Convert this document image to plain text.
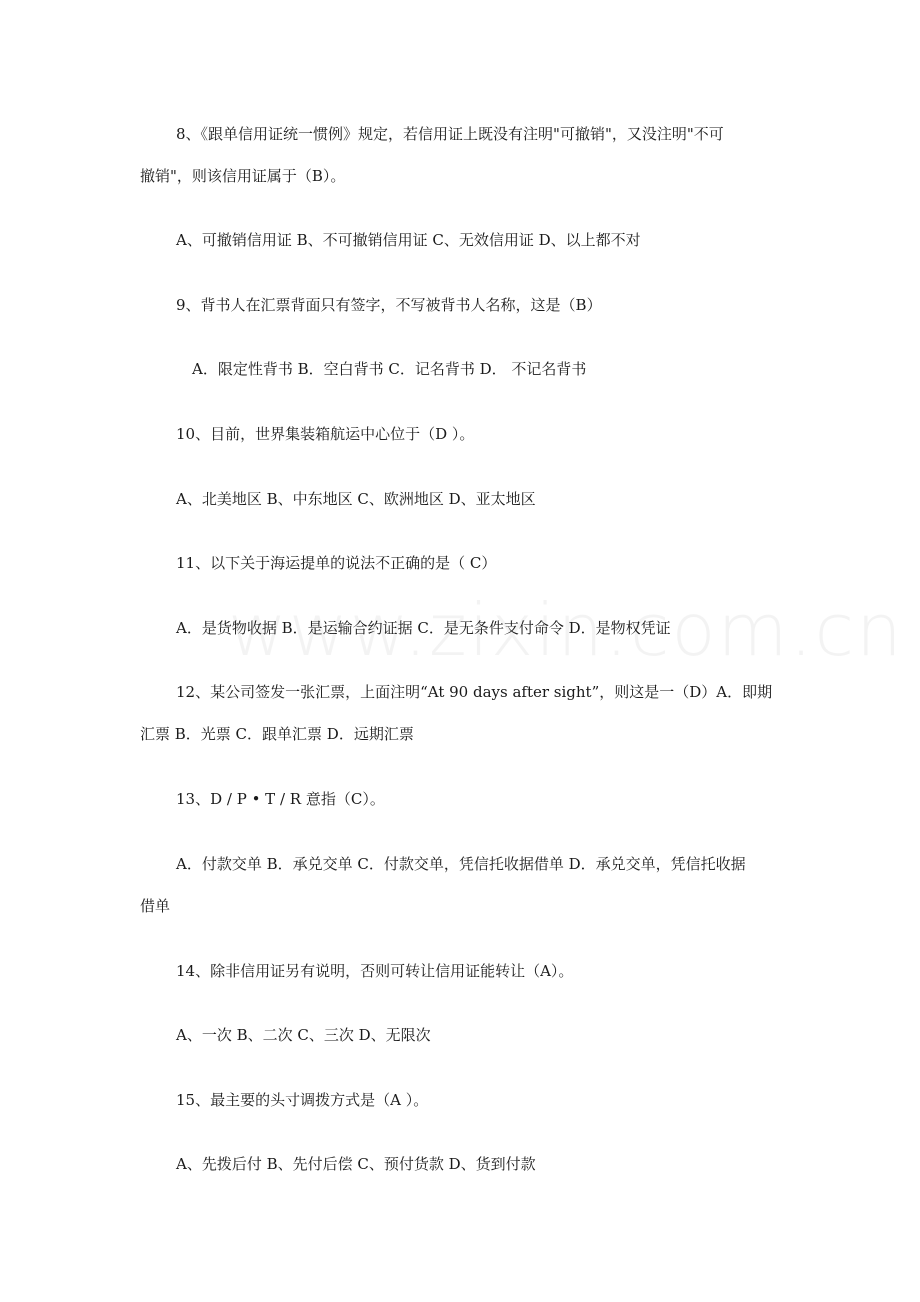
8、《跟单信用证统一惯例》规定，若信用证上既没有注明"可撤销"，又没注明"不可
撤销"，则该信用证属于（B）。
A、可撤销信用证 B、不可撤销信用证 C、无效信用证 D、以上都不对
9、背书人在汇票背面只有签字，不写被背书人名称，这是（B）
A．限定性背书 B．空白背书 C．记名背书 D． 不记名背书
10、目前，世界集装箱航运中心位于（D ）。
A、北美地区 B、中东地区 C、欧洲地区 D、亚太地区
11、以下关于海运提单的说法不正确的是（ C）
A．是货物收据 B．是运输合约证据 C．是无条件支付命令 D．是物权凭证
12、某公司签发一张汇票，上面注明“At 90 days after sight”，则这是一（D）A．即期
汇票 B．光票 C．跟单汇票 D．远期汇票
13、D / P • T / R 意指（C）。
A．付款交单 B．承兑交单 C．付款交单，凭信托收据借单 D．承兑交单，凭信托收据
借单
14、除非信用证另有说明，否则可转让信用证能转让（A）。
A、一次 B、二次 C、三次 D、无限次
15、最主要的头寸调拨方式是（A ）。
A、先拨后付 B、先付后偿 C、预付货款 D、货到付款
